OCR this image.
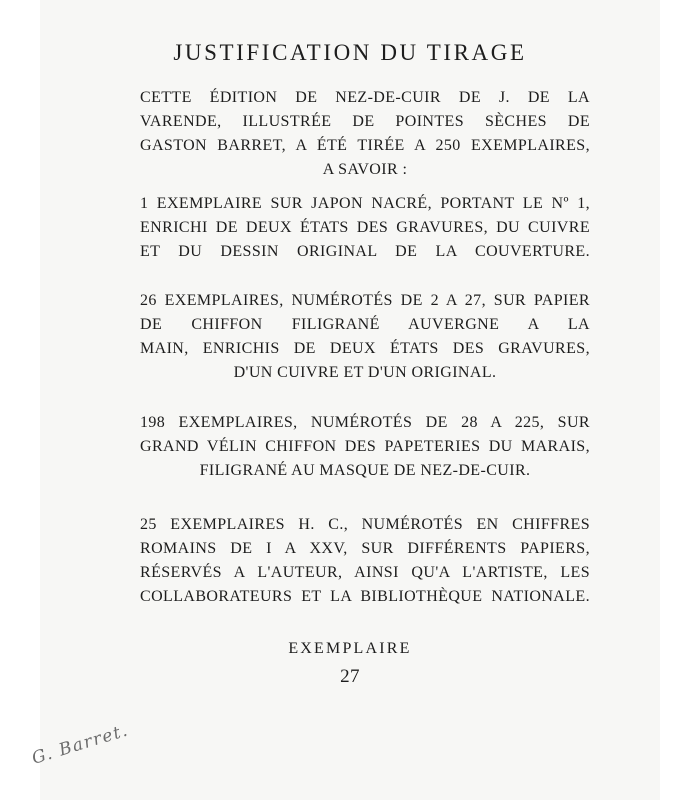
JUSTIFICATION DU TIRAGE

CETTE ÉDITION DE NEZ-DE-CUIR DE J. DE LA
VARENDE, ILLUSTRÉE DE POINTES SÈCHES DE
GASTON BARRET, A ÉTÉ TIRÉE A 250 EXEMPLAIRES,
A SAVOIR :

1 EXEMPLAIRE SUR JAPON NACRÉ, PORTANT LE Nº 1,
ENRICHI DE DEUX ÉTATS DES GRAVURES, DU CUIVRE
ET DU DESSIN ORIGINAL DE LA COUVERTURE.

26 EXEMPLAIRES, NUMÉROTÉS DE 2 A 27, SUR PAPIER
DE CHIFFON FILIGRANÉ AUVERGNE A LA
MAIN, ENRICHIS DE DEUX ÉTATS DES GRAVURES,
D'UN CUIVRE ET D'UN ORIGINAL.

198 EXEMPLAIRES, NUMÉROTÉS DE 28 A 225, SUR
GRAND VÉLIN CHIFFON DES PAPETERIES DU MARAIS,
FILIGRANÉ AU MASQUE DE NEZ-DE-CUIR.

25 EXEMPLAIRES H. C., NUMÉROTÉS EN CHIFFRES
ROMAINS DE I A XXV, SUR DIFFÉRENTS PAPIERS,
RÉSERVÉS A L'AUTEUR, AINSI QU'A L'ARTISTE, LES
COLLABORATEURS ET LA BIBLIOTHÈQUE NATIONALE.

EXEMPLAIRE
27
G. Barret.
